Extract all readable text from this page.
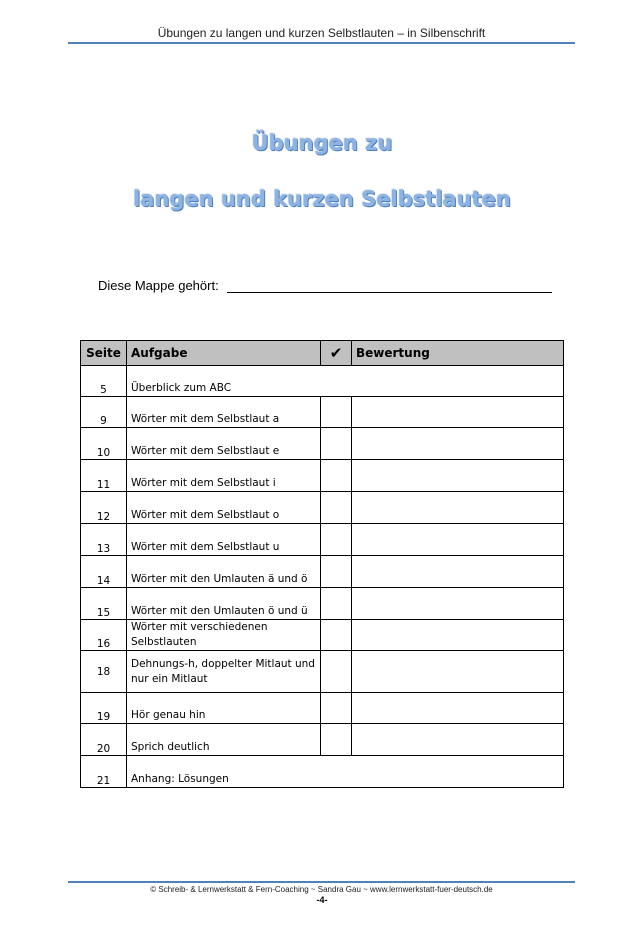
Übungen zu langen und kurzen Selbstlauten – in Silbenschrift
Übungen zu
langen und kurzen Selbstlauten
Diese Mappe gehört:
Seite	Aufgabe	✔	Bewertung
5	Überblick zum ABC		
9	Wörter mit dem Selbstlaut a		
10	Wörter mit dem Selbstlaut e		
11	Wörter mit dem Selbstlaut i		
12	Wörter mit dem Selbstlaut o		
13	Wörter mit dem Selbstlaut u		
14	Wörter mit den Umlauten ä und ö		
15	Wörter mit den Umlauten ö und ü		
16	Wörter mit verschiedenen Selbstlauten		
18	Dehnungs-h, doppelter Mitlaut und nur ein Mitlaut		
19	Hör genau hin		
20	Sprich deutlich		
21	Anhang: Lösungen		
© Schreib- & Lernwerkstatt & Fern-Coaching ~ Sandra Gau ~ www.lernwerkstatt-fuer-deutsch.de
-4-
